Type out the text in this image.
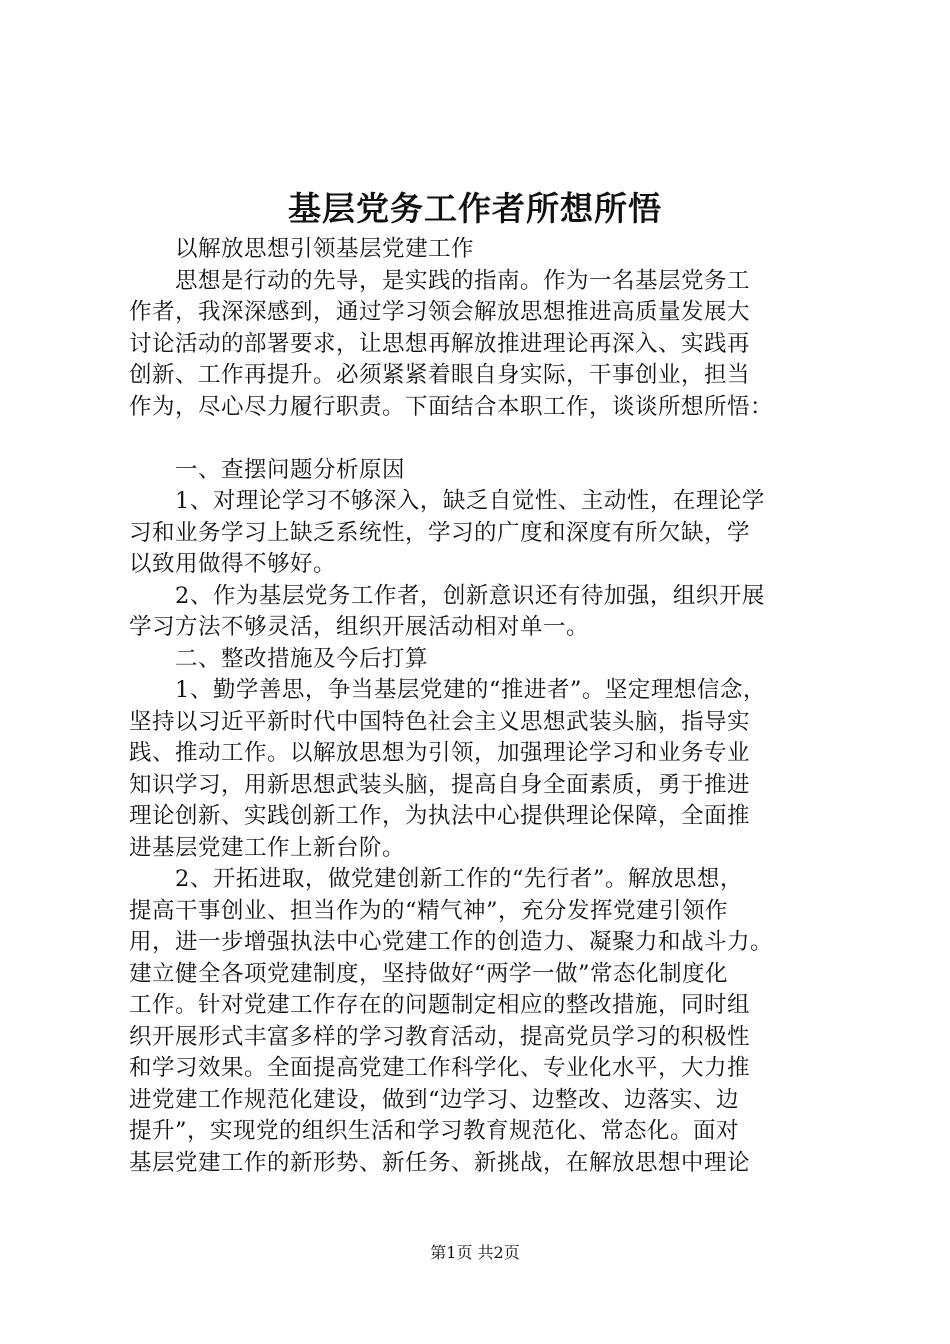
基层党务工作者所想所悟
　　以解放思想引领基层党建工作
　　思想是行动的先导，是实践的指南。作为一名基层党务工
作者，我深深感到，通过学习领会解放思想推进高质量发展大
讨论活动的部署要求，让思想再解放推进理论再深入、实践再
创新、工作再提升。必须紧紧着眼自身实际，干事创业，担当
作为，尽心尽力履行职责。下面结合本职工作，谈谈所想所悟：
　　一、查摆问题分析原因
　　1、对理论学习不够深入，缺乏自觉性、主动性，在理论学
习和业务学习上缺乏系统性，学习的广度和深度有所欠缺，学
以致用做得不够好。
　　2、作为基层党务工作者，创新意识还有待加强，组织开展
学习方法不够灵活，组织开展活动相对单一。
　　二、整改措施及今后打算
　　1、勤学善思，争当基层党建的“推进者”。坚定理想信念，
坚持以习近平新时代中国特色社会主义思想武装头脑，指导实
践、推动工作。以解放思想为引领，加强理论学习和业务专业
知识学习，用新思想武装头脑，提高自身全面素质，勇于推进
理论创新、实践创新工作，为执法中心提供理论保障，全面推
进基层党建工作上新台阶。
　　2、开拓进取，做党建创新工作的“先行者”。解放思想，
提高干事创业、担当作为的“精气神”，充分发挥党建引领作
用，进一步增强执法中心党建工作的创造力、凝聚力和战斗力。
建立健全各项党建制度，坚持做好“两学一做”常态化制度化
工作。针对党建工作存在的问题制定相应的整改措施，同时组
织开展形式丰富多样的学习教育活动，提高党员学习的积极性
和学习效果。全面提高党建工作科学化、专业化水平，大力推
进党建工作规范化建设，做到“边学习、边整改、边落实、边
提升”，实现党的组织生活和学习教育规范化、常态化。面对
基层党建工作的新形势、新任务、新挑战，在解放思想中理论
第1页 共2页
